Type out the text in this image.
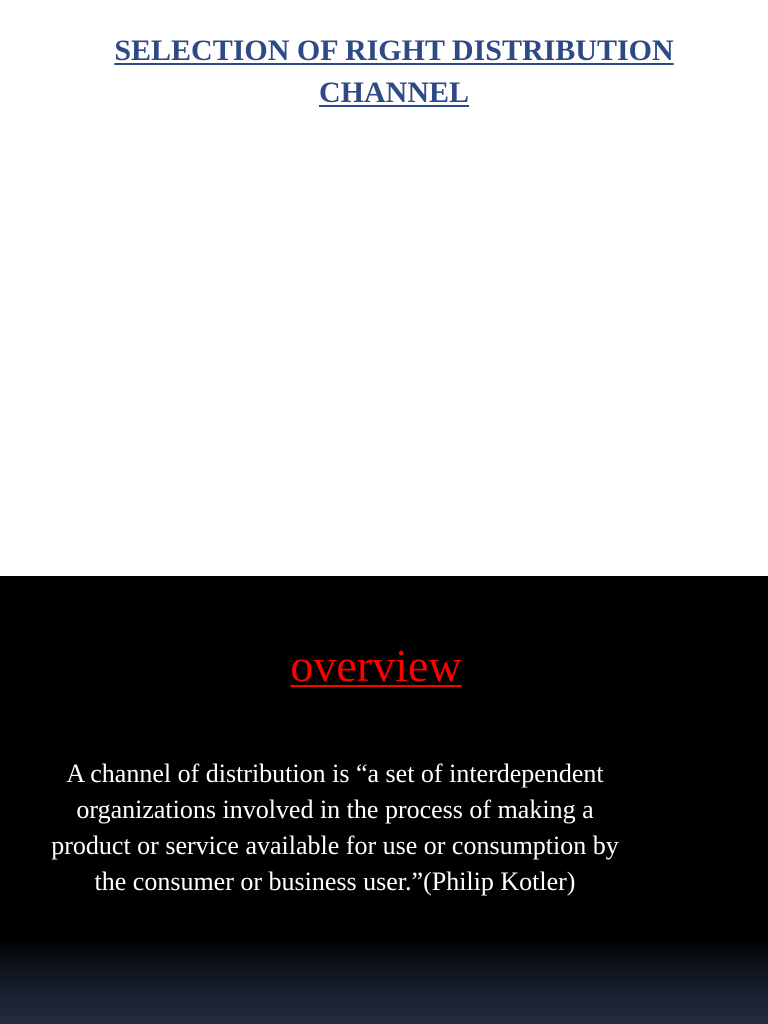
SELECTION OF RIGHT DISTRIBUTION
CHANNEL
overview

A channel of distribution is “a set of interdependent organizations involved in the process of making a product or service available for use or consumption by the consumer or business user.”(Philip Kotler)
